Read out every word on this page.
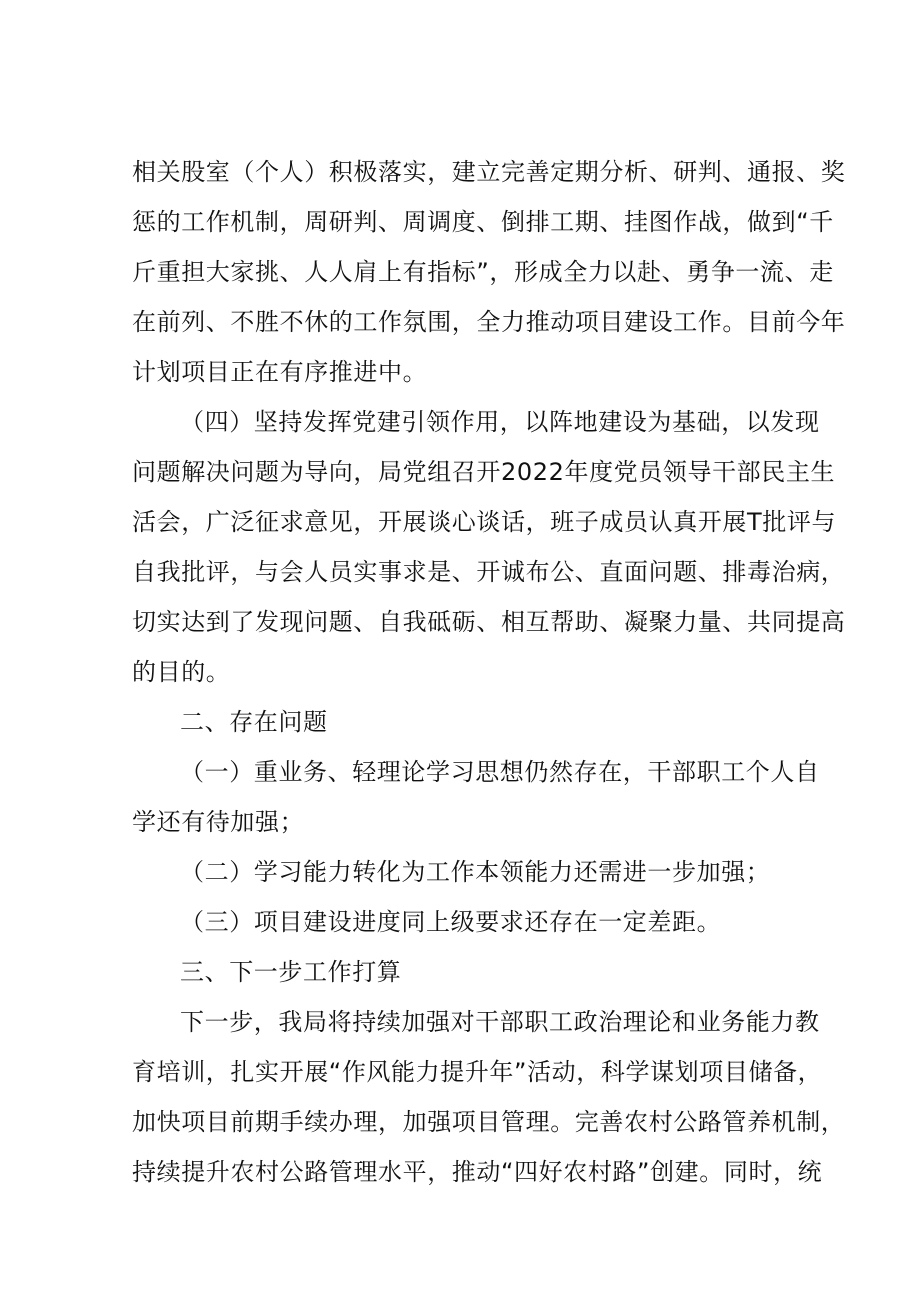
相关股室（个人）积极落实，建立完善定期分析、研判、通报、奖
惩的工作机制，周研判、周调度、倒排工期、挂图作战，做到“千
斤重担大家挑、人人肩上有指标”，形成全力以赴、勇争一流、走
在前列、不胜不休的工作氛围，全力推动项目建设工作。目前今年
计划项目正在有序推进中。
（四）坚持发挥党建引领作用，以阵地建设为基础，以发现
问题解决问题为导向，局党组召开2022年度党员领导干部民主生
活会，广泛征求意见，开展谈心谈话，班子成员认真开展T批评与
自我批评，与会人员实事求是、开诚布公、直面问题、排毒治病，
切实达到了发现问题、自我砥砺、相互帮助、凝聚力量、共同提高
的目的。
二、存在问题
（一）重业务、轻理论学习思想仍然存在，干部职工个人自
学还有待加强；
（二）学习能力转化为工作本领能力还需进一步加强；
（三）项目建设进度同上级要求还存在一定差距。
三、下一步工作打算
下一步，我局将持续加强对干部职工政治理论和业务能力教
育培训，扎实开展“作风能力提升年”活动，科学谋划项目储备，
加快项目前期手续办理，加强项目管理。完善农村公路管养机制，
持续提升农村公路管理水平，推动“四好农村路”创建。同时，统
